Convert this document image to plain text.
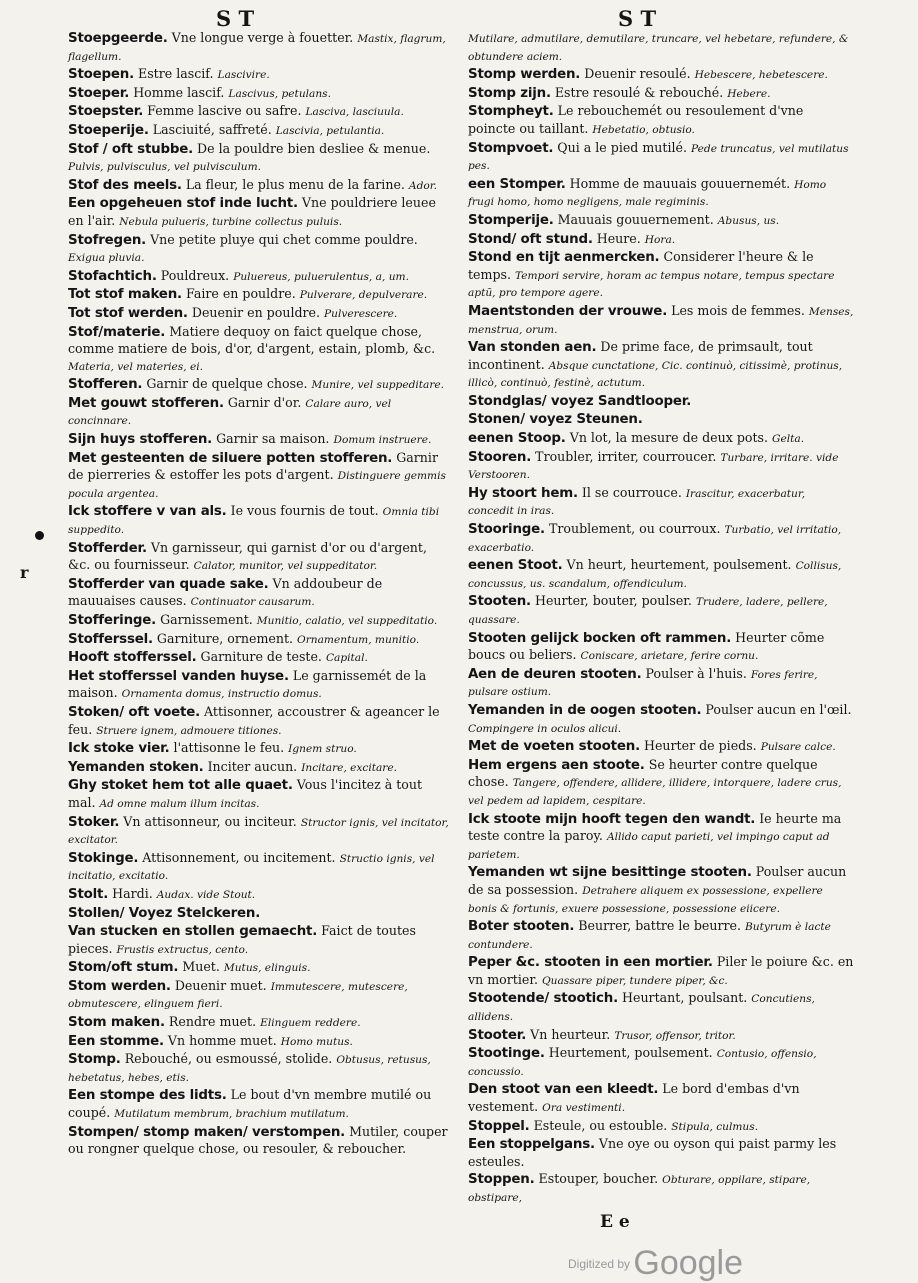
S T	S T
r
Stoepgeerde. Vne longue verge à fouetter. Mastix, flagrum, flagellum.
Stoepen. Estre lascif. Lascivire.
Stoeper. Homme lascif. Lascivus, petulans.
Stoepster. Femme lascive ou safre. Lasciva, lasciuula.
Stoeperije. Lasciuité, saffreté. Lascivia, petulantia.
Stof / oft stubbe. De la pouldre bien desliee & menue. Pulvis, pulvisculus, vel pulvisculum.
Stof des meels. La fleur, le plus menu de la farine. Ador.
Een opgeheuen stof inde lucht. Vne pouldriere leuee en l'air. Nebula pulueris, turbine collectus puluis.
Stofregen. Vne petite pluye qui chet comme pouldre. Exigua pluvia.
Stofachtich. Pouldreux. Puluereus, puluerulentus, a, um.
Tot stof maken. Faire en pouldre. Pulverare, depulverare.
Tot stof werden. Deuenir en pouldre. Pulverescere.
Stof/materie. Matiere dequoy on faict quelque chose, comme matiere de bois, d'or, d'argent, estain, plomb, &c. Materia, vel materies, ei.
Stofferen. Garnir de quelque chose. Munire, vel suppeditare.
Met gouwt stofferen. Garnir d'or. Calare auro, vel concinnare.
Sijn huys stofferen. Garnir sa maison. Domum instruere.
Met gesteenten de siluere potten stofferen. Garnir de pierreries & estoffer les pots d'argent. Distinguere gemmis pocula argentea.
Ick stoffere v van als. Ie vous fournis de tout. Omnia tibi suppedito.
Stofferder. Vn garnisseur, qui garnist d'or ou d'argent, &c. ou fournisseur. Calator, munitor, vel suppeditator.
Stofferder van quade sake. Vn addoubeur de mauuaises causes. Continuator causarum.
Stofferinge. Garnissement. Munitio, calatio, vel suppeditatio.
Stofferssel. Garniture, ornement. Ornamentum, munitio.
Hooft stofferssel. Garniture de teste. Capital.
Het stofferssel vanden huyse. Le garnissemét de la maison. Ornamenta domus, instructio domus.
Stoken/ oft voete. Attisonner, accoustrer & ageancer le feu. Struere ignem, admouere titiones.
Ick stoke vier. l'attisonne le feu. Ignem struo.
Yemanden stoken. Inciter aucun. Incitare, excitare.
Ghy stoket hem tot alle quaet. Vous l'incitez à tout mal. Ad omne malum illum incitas.
Stoker. Vn attisonneur, ou inciteur. Structor ignis, vel incitator, excitator.
Stokinge. Attisonnement, ou incitement. Structio ignis, vel incitatio, excitatio.
Stolt. Hardi. Audax. vide Stout.
Stollen/ Voyez Stelckeren.
Van stucken en stollen gemaecht. Faict de toutes pieces. Frustis extructus, cento.
Stom/oft stum. Muet. Mutus, elinguis.
Stom werden. Deuenir muet. Immutescere, mutescere, obmutescere, elinguem fieri.
Stom maken. Rendre muet. Elinguem reddere.
Een stomme. Vn homme muet. Homo mutus.
Stomp. Rebouché, ou esmoussé, stolide. Obtusus, retusus, hebetatus, hebes, etis.
Een stompe des lidts. Le bout d'vn membre mutilé ou coupé. Mutilatum membrum, brachium mutilatum.
Stompen/ stomp maken/ verstompen. Mutiler, couper ou rongner quelque chose, ou resouler, & reboucher.
Mutilare, admutilare, demutilare, truncare, vel hebetare, refundere, & obtundere aciem.
Stomp werden. Deuenir resoulé. Hebescere, hebetescere.
Stomp zijn. Estre resoulé & rebouché. Hebere.
Stompheyt. Le rebouchemét ou resoulement d'vne poincte ou taillant. Hebetatio, obtusio.
Stompvoet. Qui a le pied mutilé. Pede truncatus, vel mutilatus pes.
een Stomper. Homme de mauuais gouuernemét. Homo frugi homo, homo negligens, male regiminis.
Stomperije. Mauuais gouuernement. Abusus, us.
Stond/ oft stund. Heure. Hora.
Stond en tijt aenmercken. Considerer l'heure & le temps. Tempori servire, horam ac tempus notare, tempus spectare aptũ, pro tempore agere.
Maentstonden der vrouwe. Les mois de femmes. Menses, menstrua, orum.
Van stonden aen. De prime face, de primsault, tout incontinent. Absque cunctatione, Cic. continuò, citissimè, protinus, illicò, continuò, festinè, actutum.
Stondglas/ voyez Sandtlooper.
Stonen/ voyez Steunen.
eenen Stoop. Vn lot, la mesure de deux pots. Gelta.
Stooren. Troubler, irriter, courroucer. Turbare, irritare. vide Verstooren.
Hy stoort hem. Il se courrouce. Irascitur, exacerbatur, concedit in iras.
Stooringe. Troublement, ou courroux. Turbatio, vel irritatio, exacerbatio.
eenen Stoot. Vn heurt, heurtement, poulsement. Collisus, concussus, us. scandalum, offendiculum.
Stooten. Heurter, bouter, poulser. Trudere, ladere, pellere, quassare.
Stooten gelijck bocken oft rammen. Heurter cõme boucs ou beliers. Coniscare, arietare, ferire cornu.
Aen de deuren stooten. Poulser à l'huis. Fores ferire, pulsare ostium.
Yemanden in de oogen stooten. Poulser aucun en l'œil. Compingere in oculos alicui.
Met de voeten stooten. Heurter de pieds. Pulsare calce.
Hem ergens aen stoote. Se heurter contre quelque chose. Tangere, offendere, allidere, illidere, intorquere, ladere crus, vel pedem ad lapidem, cespitare.
Ick stoote mijn hooft tegen den wandt. Ie heurte ma teste contre la paroy. Allido caput parieti, vel impingo caput ad parietem.
Yemanden wt sijne besittinge stooten. Poulser aucun de sa possession. Detrahere aliquem ex possessione, expellere bonis & fortunis, exuere possessione, possessione eiicere.
Boter stooten. Beurrer, battre le beurre. Butyrum è lacte contundere.
Peper &c. stooten in een mortier. Piler le poiure &c. en vn mortier. Quassare piper, tundere piper, &c.
Stootende/ stootich. Heurtant, poulsant. Concutiens, allidens.
Stooter. Vn heurteur. Trusor, offensor, tritor.
Stootinge. Heurtement, poulsement. Contusio, offensio, concussio.
Den stoot van een kleedt. Le bord d'embas d'vn vestement. Ora vestimenti.
Stoppel. Esteule, ou estouble. Stipula, culmus.
Een stoppelgans. Vne oye ou oyson qui paist parmy les esteules.
Stoppen. Estouper, boucher. Obturare, oppilare, stipare, obstipare,
E e
Digitized by Google
